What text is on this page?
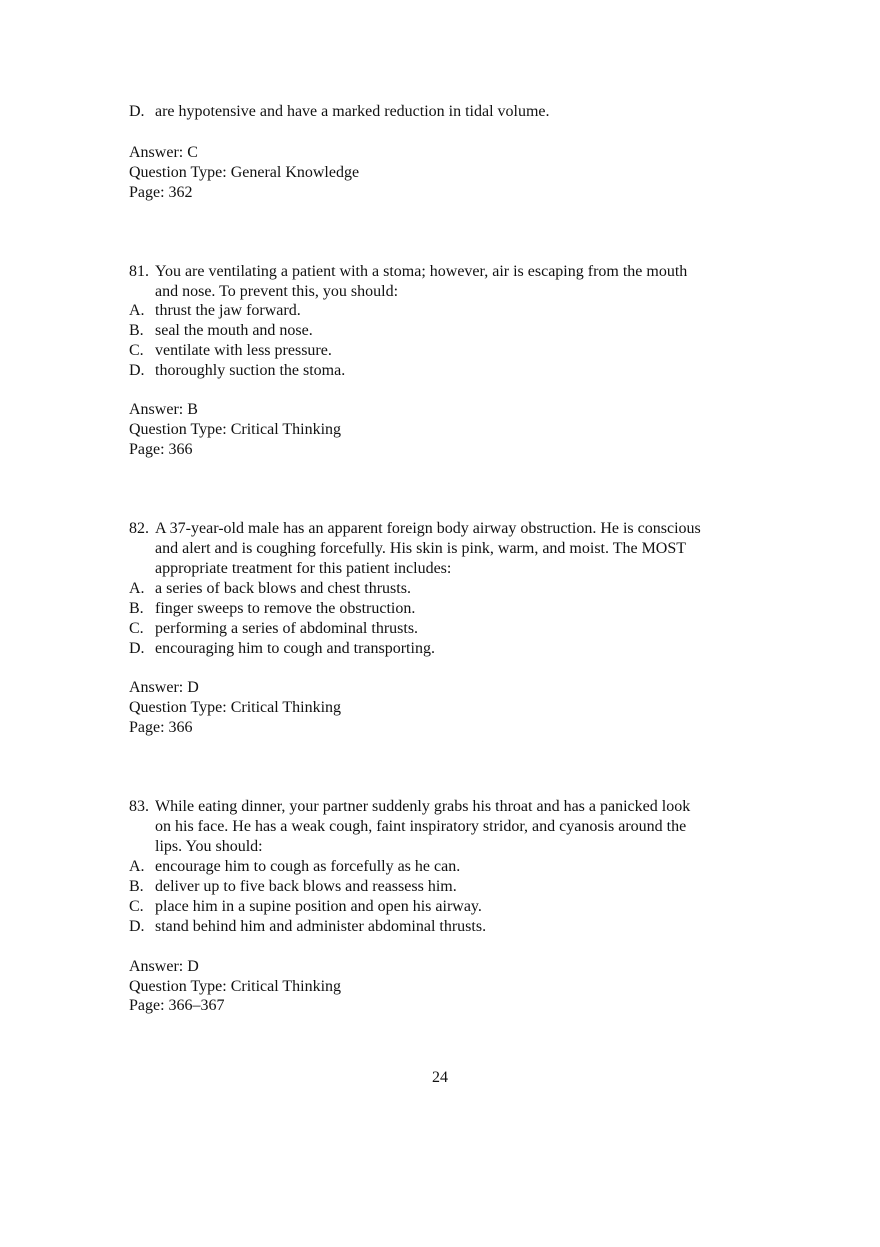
D. are hypotensive and have a marked reduction in tidal volume.
Answer: C
Question Type: General Knowledge
Page: 362
81. You are ventilating a patient with a stoma; however, air is escaping from the mouth
and nose. To prevent this, you should:
A. thrust the jaw forward.
B. seal the mouth and nose.
C. ventilate with less pressure.
D. thoroughly suction the stoma.
Answer: B
Question Type: Critical Thinking
Page: 366
82. A 37-year-old male has an apparent foreign body airway obstruction. He is conscious
and alert and is coughing forcefully. His skin is pink, warm, and moist. The MOST
appropriate treatment for this patient includes:
A. a series of back blows and chest thrusts.
B. finger sweeps to remove the obstruction.
C. performing a series of abdominal thrusts.
D. encouraging him to cough and transporting.
Answer: D
Question Type: Critical Thinking
Page: 366
83. While eating dinner, your partner suddenly grabs his throat and has a panicked look
on his face. He has a weak cough, faint inspiratory stridor, and cyanosis around the
lips. You should:
A. encourage him to cough as forcefully as he can.
B. deliver up to five back blows and reassess him.
C. place him in a supine position and open his airway.
D. stand behind him and administer abdominal thrusts.
Answer: D
Question Type: Critical Thinking
Page: 366–367
24
